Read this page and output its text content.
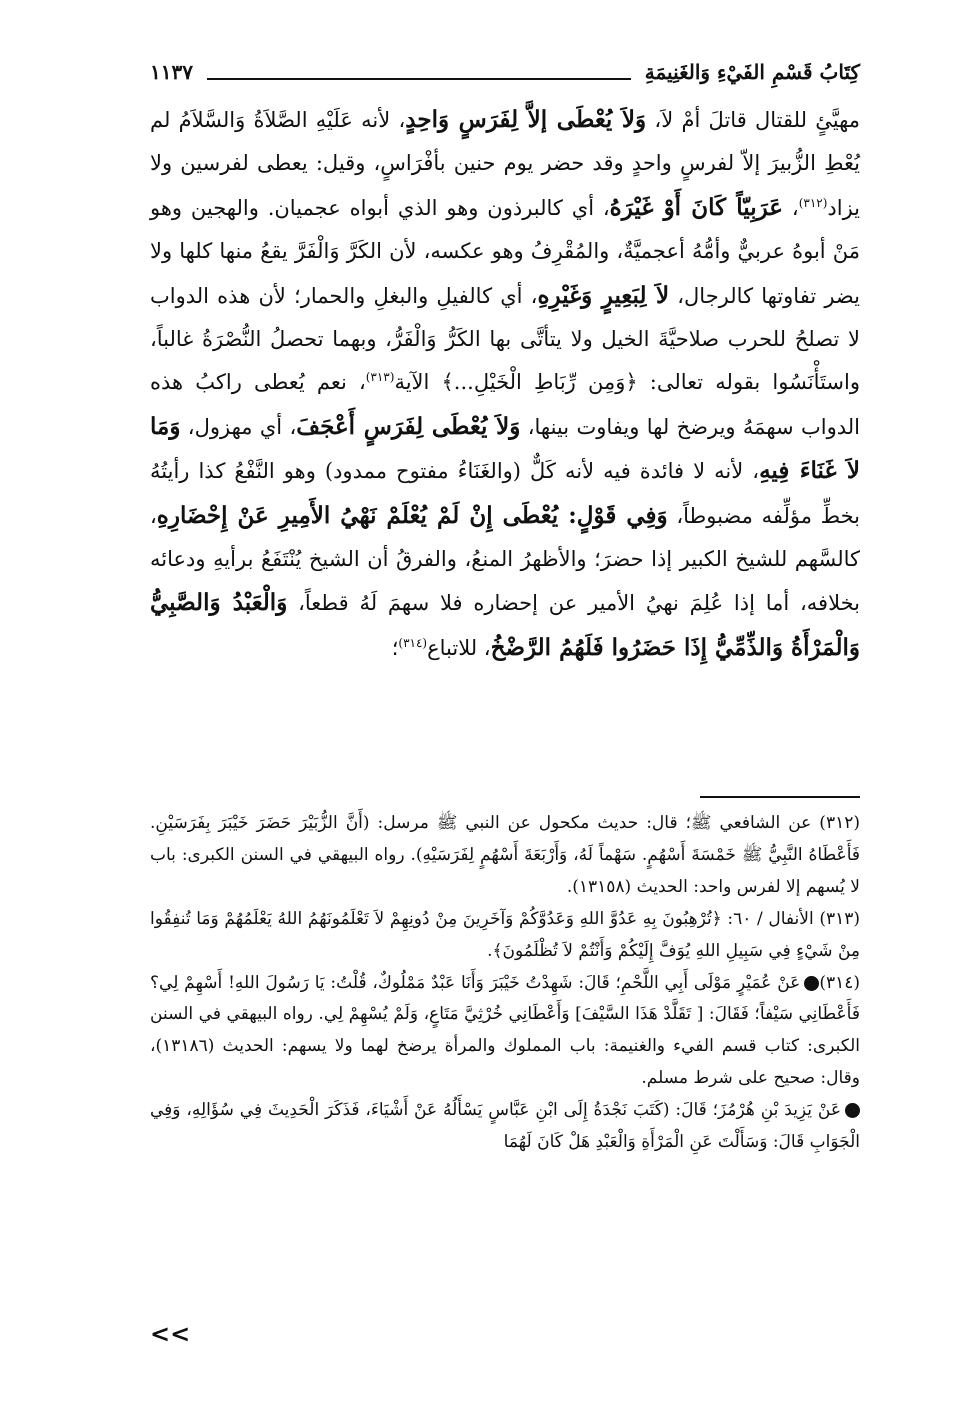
كِتَابُ قَسْمِ الفَيْءِ وَالغَنِيمَةِ
١١٣٧

مهيَّئٍ للقتال قاتلَ أمْ لاَ، وَلاَ يُعْطَى إلاَّ لِفَرَسٍ وَاحِدٍ، لأنه عَلَيْهِ الصَّلاَةُ وَالسَّلاَمُ لم يُعْطِ الزُّبيرَ إلاّ لفرسٍ واحدٍ وقد حضر يوم حنين بأفْرَاسٍ، وقيل: يعطى لفرسين ولا يزاد$^{(٣١٢)}$، عَرَبِيّاً كَانَ أَوْ غَيْرَهُ، أي كالبرذون وهو الذي أبواه عجميان. والهجين وهو مَنْ أبوهُ عربيٌّ وأمُّهُ أعجميَّةٌ، والمُقْرِفُ وهو عكسه، لأن الكَرَّ وَالْفَرَّ يقعُ منها كلها ولا يضر تفاوتها كالرجال، لاَ لِبَعِيرٍ وَغَيْرِهِ، أي كالفيلِ والبغلِ والحمار؛ لأن هذه الدواب لا تصلحُ للحرب صلاحيَّةَ الخيل ولا يتأتَّى بها الكَرُّ وَالْفَرُّ، وبهما تحصلُ النُّصْرَةُ غالباً، واستَأْنَسُوا بقوله تعالى: ﴿وَمِن رِّبَاطِ الْخَيْلِ...﴾ الآية$^{(٣١٣)}$، نعم يُعطى راكبُ هذه الدواب سهمَهُ ويرضخ لها ويفاوت بينها، وَلاَ يُعْطَى لِفَرَسٍ أَعْجَفَ، أي مهزول، وَمَا لاَ غَنَاءَ فِيهِ، لأنه لا فائدة فيه لأنه كَلٌّ (والغَنَاءُ مفتوح ممدود) وهو النَّفْعُ كذا رأيتُهُ بخطِّ مؤلِّفه مضبوطاً، وَفِي قَوْلٍ: يُعْطَى إِنْ لَمْ يُعْلَمْ نَهْيُ الأَمِيرِ عَنْ إِحْضَارِهِ، كالسَّهم للشيخ الكبير إذا حضرَ؛ والأظهرُ المنعُ، والفرقُ أن الشيخ يُنْتَفَعُ برأيهِ ودعائه بخلافه، أما إذا عُلِمَ نهيُ الأمير عن إحضاره فلا سهمَ لَهُ قطعاً، وَالْعَبْدُ وَالصَّبِيُّ وَالْمَرْأَةُ وَالذِّمِّيُّ إِذَا حَضَرُوا فَلَهُمُ الرَّضْخُ، للاتباع$^{(٣١٤)}$؛

(٣١٢) عن الشافعي ﷺ؛ قال: حديث مكحول عن النبي ﷺ مرسل: (أَنَّ الزُّبَيْرَ حَضَرَ خَيْبَرَ بِفَرَسَيْنِ. فَأَعْطَاهُ النَّبِيُّ ﷺ خَمْسَةَ أَسْهُمٍ. سَهْماً لَهُ، وَأَرْبَعَةَ أَسْهُمٍ لِفَرَسَيْهِ). رواه البيهقي في السنن الكبرى: باب لا يُسهم إلا لفرس واحد: الحديث (١٣١٥٨).

(٣١٣) الأنفال / ٦٠: ﴿تُرْهِبُونَ بِهِ عَدُوَّ اللهِ وَعَدُوَّكُمْ وَآخَرِينَ مِنْ دُونِهِمْ لاَ تَعْلَمُونَهُمُ اللهُ يَعْلَمُهُمْ وَمَا تُنفِقُوا مِنْ شَيْءٍ فِي سَبِيلِ اللهِ يُوَفَّ إِلَيْكُمْ وَأَنْتُمْ لاَ تُظْلَمُونَ﴾.

(٣١٤)عَنْ عُمَيْرٍ مَوْلَى أَبِي اللَّحْمِ؛ قَالَ: شَهِدْتُ خَيْبَرَ وَأَنَا عَبْدٌ مَمْلُوكٌ، قُلْتُ: يَا رَسُولَ اللهِ! أَسْهِمْ لِي؟ فَأَعْطَانِي سَيْفاً؛ فَقَالَ: [ تَقَلَّدْ هَذَا السَّيْفَ] وَأَعْطَانِي خُرْثِيَّ مَتَاعٍ، وَلَمْ يُسْهِمْ لِي. رواه البيهقي في السنن الكبرى: كتاب قسم الفيء والغنيمة: باب المملوك والمرأة يرضخ لهما ولا يسهم: الحديث (١٣١٨٦)، وقال: صحيح على شرط مسلم.

عَنْ يَزِيدَ بْنِ هُرْمُزَ؛ قَالَ: (كَتَبَ نَجْدَةُ إِلَى ابْنِ عَبَّاسٍ يَسْأَلُهُ عَنْ أَشْيَاءَ، فَذَكَرَ الْحَدِيثَ فِي سُؤَالِهِ، وَفِي الْجَوَابِ قَالَ: وَسَأَلْتَ عَنِ الْمَرْأَةِ وَالْعَبْدِ هَلْ كَانَ لَهُمَا

<<
